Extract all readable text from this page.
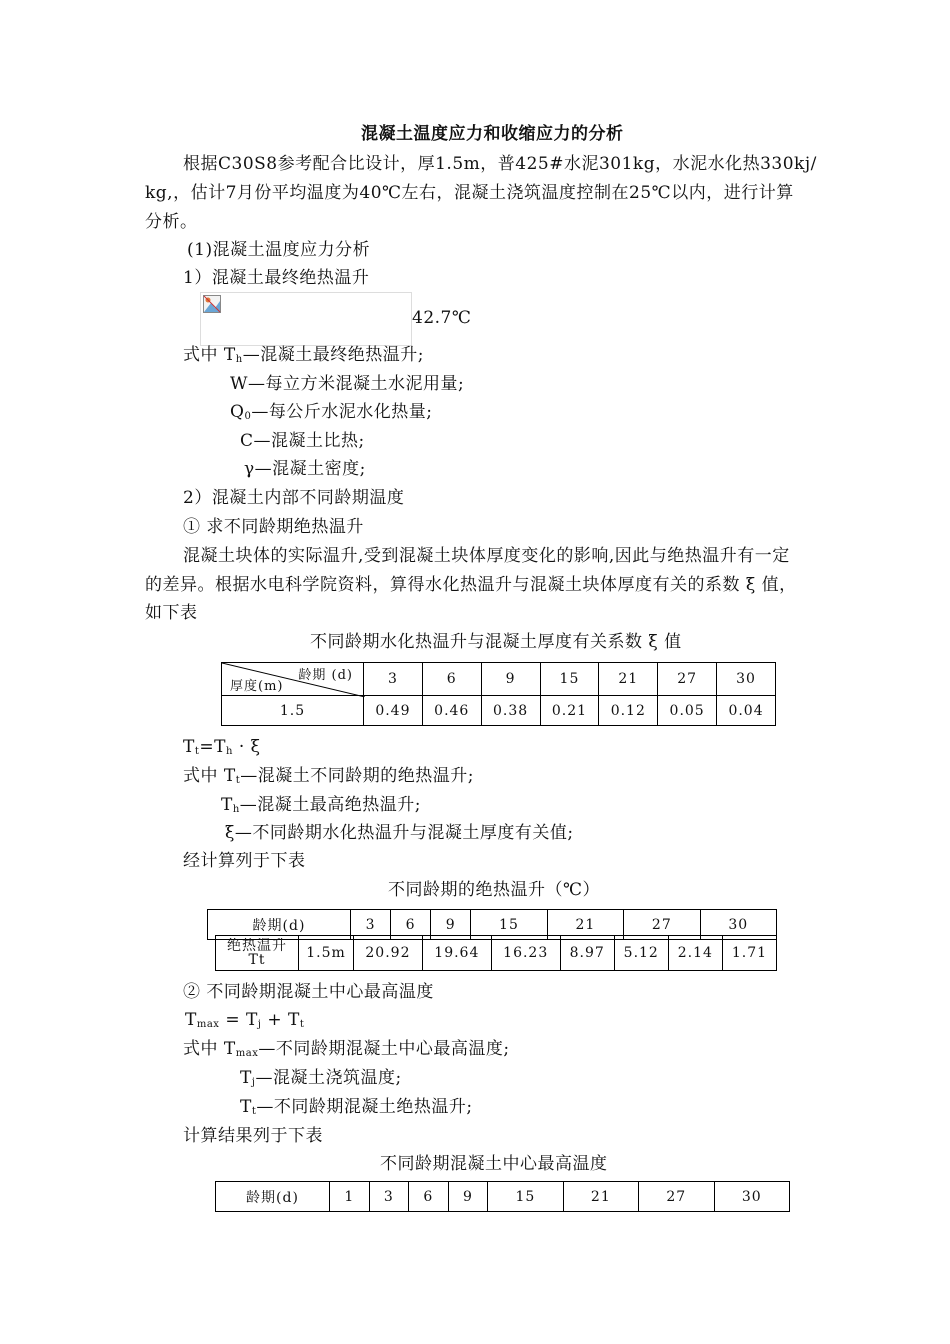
混凝土温度应力和收缩应力的分析
根据C30S8参考配合比设计，厚1.5m，普425#水泥301kg，水泥水化热330kj/
kg,，估计7月份平均温度为40℃左右，混凝土浇筑温度控制在25℃以内，进行计算
分析。
(1)混凝土温度应力分析
1）混凝土最终绝热温升
42.7℃
式中 $T_h—$混凝土最终绝热温升;
W—每立方米混凝土水泥用量;
$Q_0—$每公斤水泥水化热量;
C—混凝土比热;
γ—混凝土密度;
2）混凝土内部不同龄期温度
① 求不同龄期绝热温升
混凝土块体的实际温升,受到混凝土块体厚度变化的影响,因此与绝热温升有一定
的差异。根据水电科学院资料，算得水化热温升与混凝土块体厚度有关的系数 ξ 值，
如下表
不同龄期水化热温升与混凝土厚度有关系数 ξ 值
龄期 (d)
厚度(m)	3	6	9	15	21	27	30
1.5	0.49	0.46	0.38	0.21	0.12	0.05	0.04
$T_t=T_h \cdot \xi$
式中 $T_t—$混凝土不同龄期的绝热温升;
$T_h—$混凝土最高绝热温升;
ξ—不同龄期水化热温升与混凝土厚度有关值;
经计算列于下表
不同龄期的绝热温升（℃）
龄期(d)	3	6	9	15	21	27	30
绝热温升
Tt	1.5m	20.92	19.64	16.23	8.97	5.12	2.14	1.71
② 不同龄期混凝土中心最高温度
$T_{max} = T_j + T_t$
式中 $T_{max}—$不同龄期混凝土中心最高温度;
$T_j—$混凝土浇筑温度;
$T_t—$不同龄期混凝土绝热温升;
计算结果列于下表
不同龄期混凝土中心最高温度
龄期(d)	1	3	6	9	15	21	27	30
